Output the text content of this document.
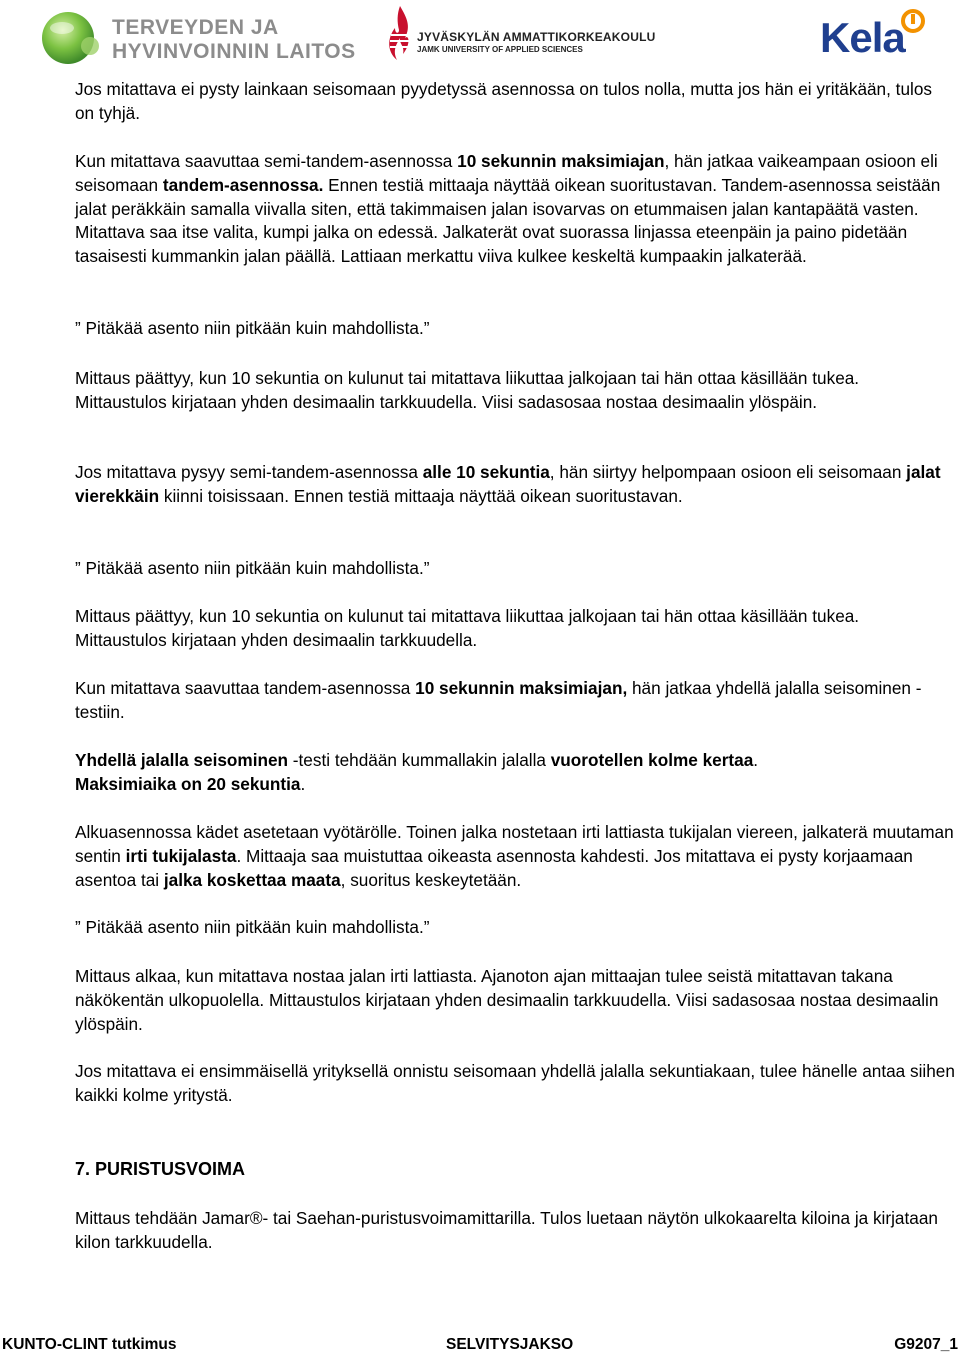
TERVEYDEN JA
HYVINVOINNIN LAITOS
JYVÄSKYLÄN AMMATTIKORKEAKOULU
JAMK UNIVERSITY OF APPLIED SCIENCES	Kela

Jos mitattava ei pysty lainkaan seisomaan pyydetyssä asennossa on tulos nolla, mutta jos hän ei yritäkään, tulos on tyhjä.

Kun mitattava saavuttaa semi-tandem-asennossa 10 sekunnin maksimiajan, hän jatkaa vaikeampaan osioon eli seisomaan tandem-asennossa. Ennen testiä mittaaja näyttää oikean suoritustavan. Tandem-asennossa seistään jalat peräkkäin samalla viivalla siten, että takimmaisen jalan isovarvas on etummaisen jalan kantapäätä vasten. Mitattava saa itse valita, kumpi jalka on edessä. Jalkaterät ovat suorassa linjassa eteenpäin ja paino pidetään tasaisesti kummankin jalan päällä. Lattiaan merkattu viiva kulkee keskeltä kumpaakin jalkaterää.

” Pitäkää asento niin pitkään kuin mahdollista.”

Mittaus päättyy, kun 10 sekuntia on kulunut tai mitattava liikuttaa jalkojaan tai hän ottaa käsillään tukea. Mittaustulos kirjataan yhden desimaalin tarkkuudella. Viisi sadasosaa nostaa desimaalin ylöspäin.

Jos mitattava pysyy semi-tandem-asennossa alle 10 sekuntia, hän siirtyy helpompaan osioon eli seisomaan jalat vierekkäin kiinni toisissaan. Ennen testiä mittaaja näyttää oikean suoritustavan.

” Pitäkää asento niin pitkään kuin mahdollista.”

Mittaus päättyy, kun 10 sekuntia on kulunut tai mitattava liikuttaa jalkojaan tai hän ottaa käsillään tukea. Mittaustulos kirjataan yhden desimaalin tarkkuudella.

Kun mitattava saavuttaa tandem-asennossa 10 sekunnin maksimiajan, hän jatkaa yhdellä jalalla seisominen -testiin.

Yhdellä jalalla seisominen -testi tehdään kummallakin jalalla vuorotellen kolme kertaa.
Maksimiaika on 20 sekuntia.

Alkuasennossa kädet asetetaan vyötärölle. Toinen jalka nostetaan irti lattiasta tukijalan viereen, jalkaterä muutaman sentin irti tukijalasta. Mittaaja saa muistuttaa oikeasta asennosta kahdesti. Jos mitattava ei pysty korjaamaan asentoa tai jalka koskettaa maata, suoritus keskeytetään.

” Pitäkää asento niin pitkään kuin mahdollista.”

Mittaus alkaa, kun mitattava nostaa jalan irti lattiasta. Ajanoton ajan mittaajan tulee seistä mitattavan takana näkökentän ulkopuolella. Mittaustulos kirjataan yhden desimaalin tarkkuudella. Viisi sadasosaa nostaa desimaalin ylöspäin.

Jos mitattava ei ensimmäisellä yrityksellä onnistu seisomaan yhdellä jalalla sekuntiakaan, tulee hänelle antaa siihen kaikki kolme yritystä.

7. PURISTUSVOIMA

Mittaus tehdään Jamar®- tai Saehan-puristusvoimamittarilla. Tulos luetaan näytön ulkokaarelta kiloina ja kirjataan kilon tarkkuudella.

KUNTO-CLINT tutkimus	SELVITYSJAKSO	G9207_1
